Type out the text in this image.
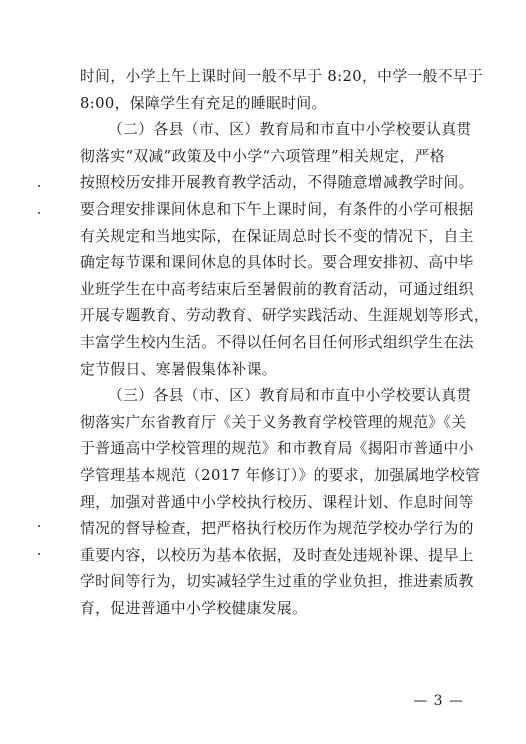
时间，小学上午上课时间一般不早于 8:20，中学一般不早于
8:00，保障学生有充足的睡眠时间。
（二）各县（市、区）教育局和市直中小学校要认真贯
彻落实“双减”政策及中小学“六项管理”相关规定，严格
按照校历安排开展教育教学活动，不得随意增减教学时间。
要合理安排课间休息和下午上课时间，有条件的小学可根据
有关规定和当地实际，在保证周总时长不变的情况下，自主
确定每节课和课间休息的具体时长。要合理安排初、高中毕
业班学生在中高考结束后至暑假前的教育活动，可通过组织
开展专题教育、劳动教育、研学实践活动、生涯规划等形式，
丰富学生校内生活。不得以任何名目任何形式组织学生在法
定节假日、寒暑假集体补课。
（三）各县（市、区）教育局和市直中小学校要认真贯
彻落实广东省教育厅《关于义务教育学校管理的规范》《关
于普通高中学校管理的规范》和市教育局《揭阳市普通中小
学管理基本规范（2017 年修订）》的要求，加强属地学校管
理，加强对普通中小学校执行校历、课程计划、作息时间等
情况的督导检查，把严格执行校历作为规范学校办学行为的
重要内容，以校历为基本依据，及时查处违规补课、提早上
学时间等行为，切实减轻学生过重的学业负担，推进素质教
育，促进普通中小学校健康发展。
— 3 —
